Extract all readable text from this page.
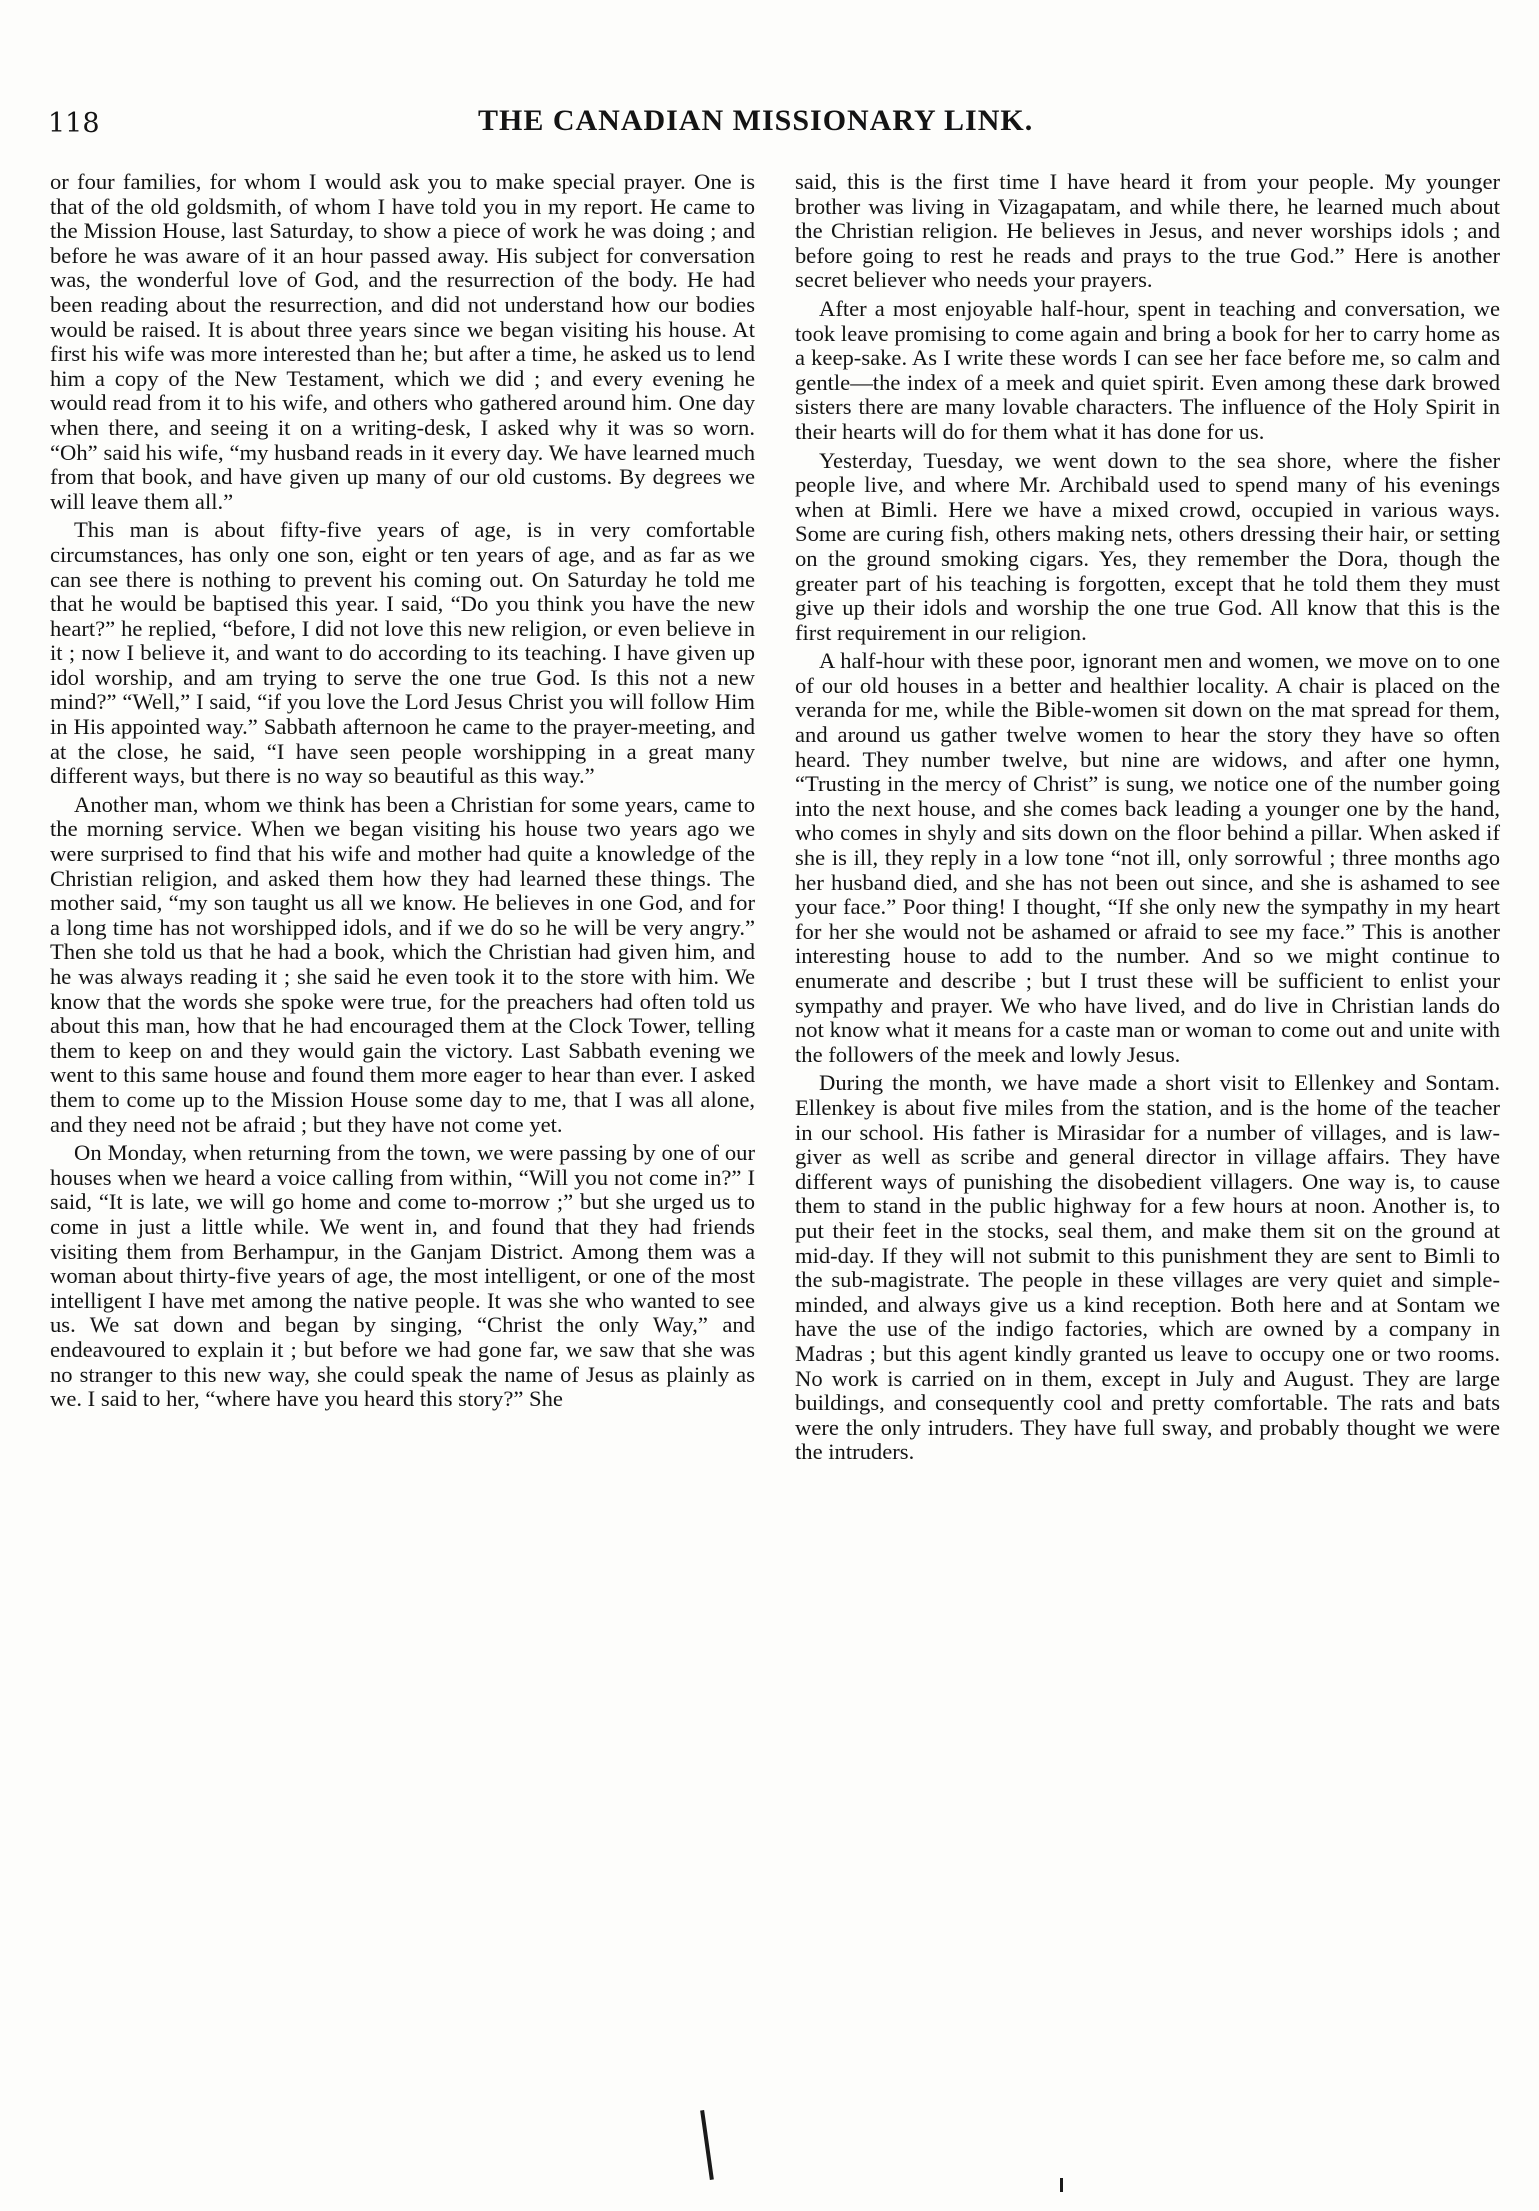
118	THE CANADIAN MISSIONARY LINK.

or four families, for whom I would ask you to make special prayer. One is that of the old goldsmith, of whom I have told you in my report. He came to the Mission House, last Saturday, to show a piece of work he was doing ; and before he was aware of it an hour passed away. His subject for conversation was, the wonderful love of God, and the resurrection of the body. He had been reading about the resurrection, and did not understand how our bodies would be raised. It is about three years since we began visiting his house. At first his wife was more interested than he; but after a time, he asked us to lend him a copy of the New Testament, which we did ; and every evening he would read from it to his wife, and others who gathered around him. One day when there, and seeing it on a writing-desk, I asked why it was so worn. “Oh” said his wife, “my husband reads in it every day. We have learned much from that book, and have given up many of our old customs. By degrees we will leave them all.”

This man is about fifty-five years of age, is in very comfortable circumstances, has only one son, eight or ten years of age, and as far as we can see there is nothing to prevent his coming out. On Saturday he told me that he would be baptised this year. I said, “Do you think you have the new heart?” he replied, “before, I did not love this new religion, or even believe in it ; now I believe it, and want to do according to its teaching. I have given up idol worship, and am trying to serve the one true God. Is this not a new mind?” “Well,” I said, “if you love the Lord Jesus Christ you will follow Him in His appointed way.” Sabbath afternoon he came to the prayer-meeting, and at the close, he said, “I have seen people worshipping in a great many different ways, but there is no way so beautiful as this way.”

Another man, whom we think has been a Christian for some years, came to the morning service. When we began visiting his house two years ago we were surprised to find that his wife and mother had quite a knowledge of the Christian religion, and asked them how they had learned these things. The mother said, “my son taught us all we know. He believes in one God, and for a long time has not worshipped idols, and if we do so he will be very angry.” Then she told us that he had a book, which the Christian had given him, and he was always reading it ; she said he even took it to the store with him. We know that the words she spoke were true, for the preachers had often told us about this man, how that he had encouraged them at the Clock Tower, telling them to keep on and they would gain the victory. Last Sabbath evening we went to this same house and found them more eager to hear than ever. I asked them to come up to the Mission House some day to me, that I was all alone, and they need not be afraid ; but they have not come yet.

On Monday, when returning from the town, we were passing by one of our houses when we heard a voice calling from within, “Will you not come in?” I said, “It is late, we will go home and come to-morrow ;” but she urged us to come in just a little while. We went in, and found that they had friends visiting them from Berhampur, in the Ganjam District. Among them was a woman about thirty-five years of age, the most intelligent, or one of the most intelligent I have met among the native people. It was she who wanted to see us. We sat down and began by singing, “Christ the only Way,” and endeavoured to explain it ; but before we had gone far, we saw that she was no stranger to this new way, she could speak the name of Jesus as plainly as we. I said to her, “where have you heard this story?” She

said, this is the first time I have heard it from your people. My younger brother was living in Vizagapatam, and while there, he learned much about the Christian religion. He believes in Jesus, and never worships idols ; and before going to rest he reads and prays to the true God.” Here is another secret believer who needs your prayers.

After a most enjoyable half-hour, spent in teaching and conversation, we took leave promising to come again and bring a book for her to carry home as a keep-sake. As I write these words I can see her face before me, so calm and gentle—the index of a meek and quiet spirit. Even among these dark browed sisters there are many lovable characters. The influence of the Holy Spirit in their hearts will do for them what it has done for us.

Yesterday, Tuesday, we went down to the sea shore, where the fisher people live, and where Mr. Archibald used to spend many of his evenings when at Bimli. Here we have a mixed crowd, occupied in various ways. Some are curing fish, others making nets, others dressing their hair, or setting on the ground smoking cigars. Yes, they remember the Dora, though the greater part of his teaching is forgotten, except that he told them they must give up their idols and worship the one true God. All know that this is the first requirement in our religion.

A half-hour with these poor, ignorant men and women, we move on to one of our old houses in a better and healthier locality. A chair is placed on the veranda for me, while the Bible-women sit down on the mat spread for them, and around us gather twelve women to hear the story they have so often heard. They number twelve, but nine are widows, and after one hymn, “Trusting in the mercy of Christ” is sung, we notice one of the number going into the next house, and she comes back leading a younger one by the hand, who comes in shyly and sits down on the floor behind a pillar. When asked if she is ill, they reply in a low tone “not ill, only sorrowful ; three months ago her husband died, and she has not been out since, and she is ashamed to see your face.” Poor thing! I thought, “If she only new the sympathy in my heart for her she would not be ashamed or afraid to see my face.” This is another interesting house to add to the number. And so we might continue to enumerate and describe ; but I trust these will be sufficient to enlist your sympathy and prayer. We who have lived, and do live in Christian lands do not know what it means for a caste man or woman to come out and unite with the followers of the meek and lowly Jesus.

During the month, we have made a short visit to Ellenkey and Sontam. Ellenkey is about five miles from the station, and is the home of the teacher in our school. His father is Mirasidar for a number of villages, and is law-giver as well as scribe and general director in village affairs. They have different ways of punishing the disobedient villagers. One way is, to cause them to stand in the public highway for a few hours at noon. Another is, to put their feet in the stocks, seal them, and make them sit on the ground at mid-day. If they will not submit to this punishment they are sent to Bimli to the sub-magistrate. The people in these villages are very quiet and simple-minded, and always give us a kind reception. Both here and at Sontam we have the use of the indigo factories, which are owned by a company in Madras ; but this agent kindly granted us leave to occupy one or two rooms. No work is carried on in them, except in July and August. They are large buildings, and consequently cool and pretty comfortable. The rats and bats were the only intruders. They have full sway, and probably thought we were the intruders.
